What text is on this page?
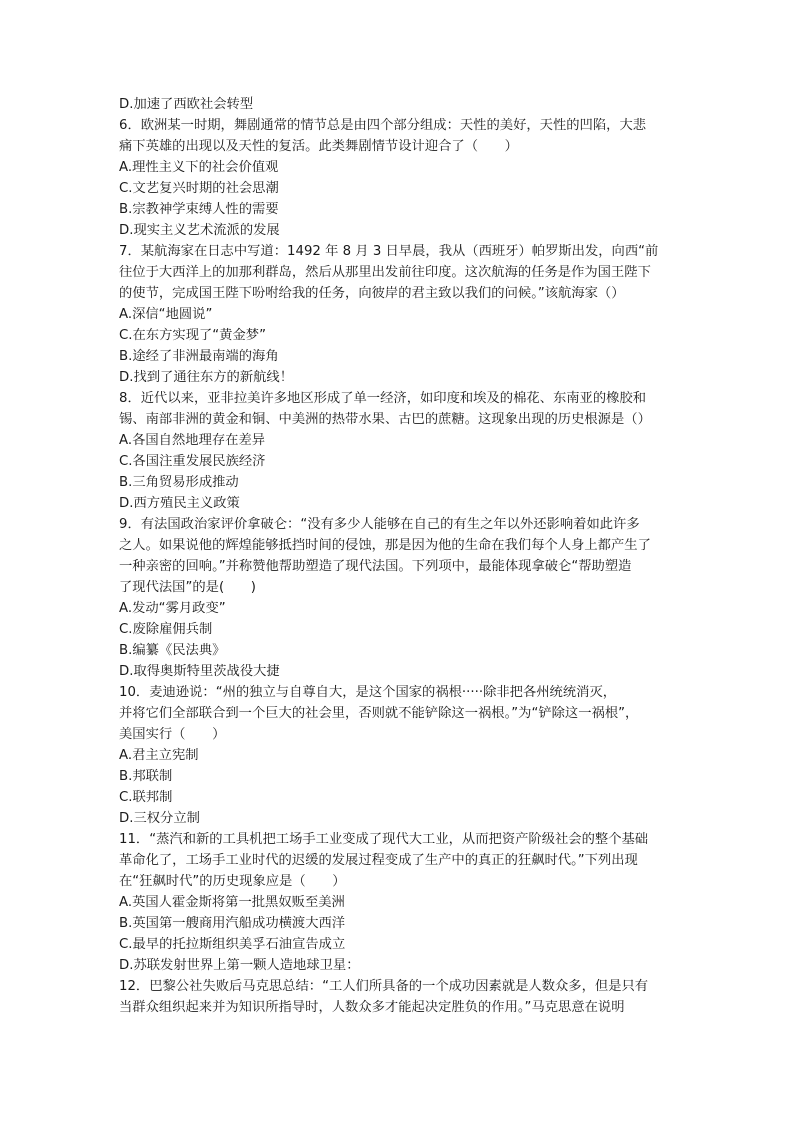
D.加速了西欧社会转型
6．欧洲某一时期，舞剧通常的情节总是由四个部分组成：天性的美好，天性的凹陷，大悲
痛下英雄的出现以及天性的复活。此类舞剧情节设计迎合了（　　）
A.理性主义下的社会价值观
C.文艺复兴时期的社会思潮
B.宗教神学束缚人性的需要
D.现实主义艺术流派的发展
7．某航海家在日志中写道：1492 年 8 月 3 日早晨，我从（西班牙）帕罗斯出发，向西“前
往位于大西洋上的加那利群岛，然后从那里出发前往印度。这次航海的任务是作为国王陛下
的使节，完成国王陛下吩咐给我的任务，向彼岸的君主致以我们的问候。”该航海家（）
A.深信“地圆说”
C.在东方实现了“黄金梦”
B.途经了非洲最南端的海角
D.找到了通往东方的新航线！
8．近代以来，亚非拉美许多地区形成了单一经济，如印度和埃及的棉花、东南亚的橡胶和
锡、南部非洲的黄金和铜、中美洲的热带水果、古巴的蔗糖。这现象出现的历史根源是（）
A.各国自然地理存在差异
C.各国注重发展民族经济
B.三角贸易形成推动
D.西方殖民主义政策
9．有法国政治家评价拿破仑：“没有多少人能够在自己的有生之年以外还影响着如此许多
之人。如果说他的辉煌能够抵挡时间的侵蚀，那是因为他的生命在我们每个人身上都产生了
一种亲密的回响。”并称赞他帮助塑造了现代法国。下列项中，最能体现拿破仑“帮助塑造
了现代法国”的是(　　)
A.发动“雾月政变”
C.废除雇佣兵制
B.编纂《民法典》
D.取得奥斯特里茨战役大捷
10．麦迪逊说：“州的独立与自尊自大，是这个国家的祸根·····除非把各州统统消灭，
并将它们全部联合到一个巨大的社会里，否则就不能铲除这一祸根。”为“铲除这一祸根”，
美国实行（　　）
A.君主立宪制
B.邦联制
C.联邦制
D.三权分立制
11．“蒸汽和新的工具机把工场手工业变成了现代大工业，从而把资产阶级社会的整个基础
革命化了，工场手工业时代的迟缓的发展过程变成了生产中的真正的狂飙时代。”下列出现
在“狂飙时代”的历史现象应是（　　）
A.英国人霍金斯将第一批黑奴贩至美洲
B.英国第一艘商用汽船成功横渡大西洋
C.最早的托拉斯组织美孚石油宣告成立
D.苏联发射世界上第一颗人造地球卫星：
12．巴黎公社失败后马克思总结：“工人们所具备的一个成功因素就是人数众多，但是只有
当群众组织起来并为知识所指导时，人数众多才能起决定胜负的作用。”马克思意在说明
